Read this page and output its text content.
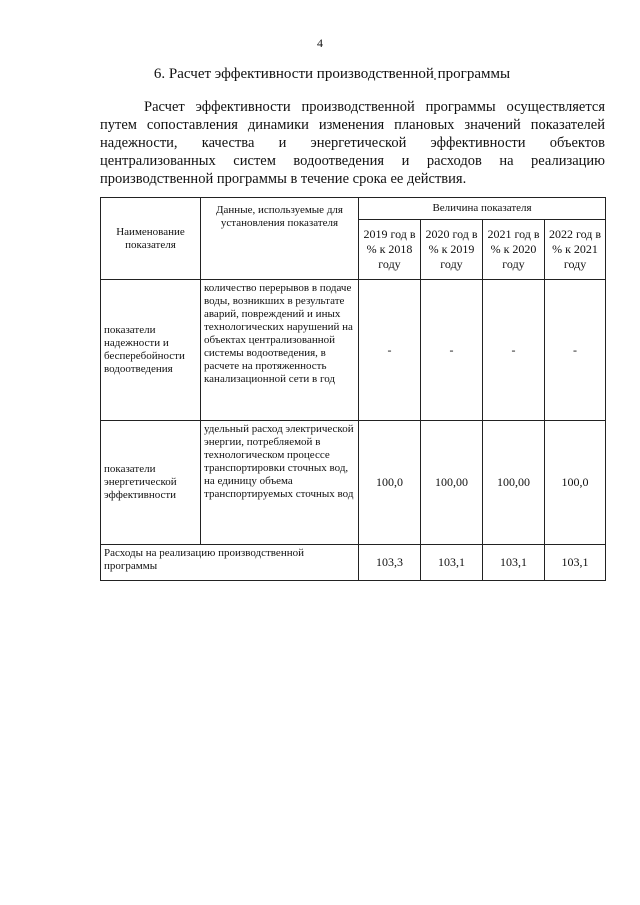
4
6. Расчет эффективности производственной программы

Расчет эффективности производственной программы осуществляется путем сопоставления динамики изменения плановых значений показателей надежности, качества и энергетической эффективности объектов централизованных систем водоотведения и расходов на реализацию производственной программы в течение срока ее действия.

Наименование показателя	Данные, используемые для установления показателя	Величина показателя			
		2019 год в % к 2018 году	2020 год в % к 2019 году	2021 год в % к 2020 году	2022 год в % к 2021 году
показатели надежности и бесперебойности водоотведения	количество перерывов в подаче воды, возникших в результате аварий, повреждений и иных технологических нарушений на объектах централизованной системы водоотведения, в расчете на протяженность канализационной сети в год	-	-	-	-
показатели энергетической эффективности	удельный расход электрической энергии, потребляемой в технологическом процессе транспортировки сточных вод, на единицу объема транспортируемых сточных вод	100,0	100,00	100,00	100,0
Расходы на реализацию производственной программы		103,3	103,1	103,1	103,1
